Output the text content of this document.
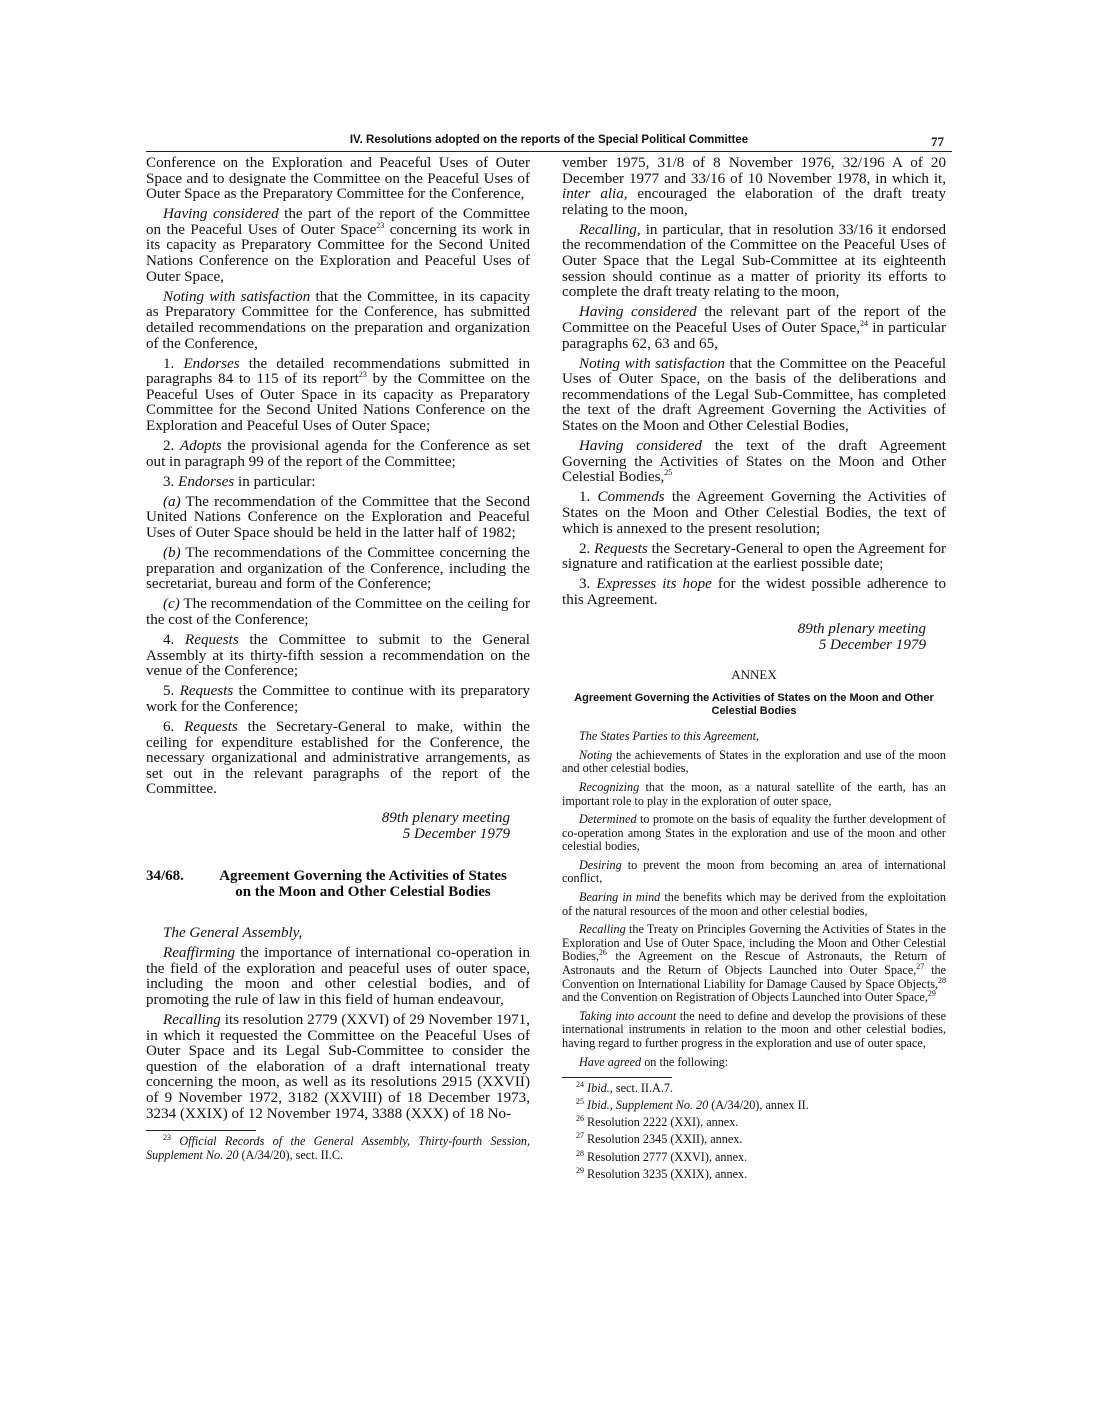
IV. Resolutions adopted on the reports of the Special Political Committee	77

Conference on the Exploration and Peaceful Uses of Outer Space and to designate the Committee on the Peaceful Uses of Outer Space as the Preparatory Committee for the Conference,

Having considered the part of the report of the Committee on the Peaceful Uses of Outer Space$^{23}$ concerning its work in its capacity as Preparatory Committee for the Second United Nations Conference on the Exploration and Peaceful Uses of Outer Space,

Noting with satisfaction that the Committee, in its capacity as Preparatory Committee for the Conference, has submitted detailed recommendations on the preparation and organization of the Conference,

1. Endorses the detailed recommendations submitted in paragraphs 84 to 115 of its report$^{23}$ by the Committee on the Peaceful Uses of Outer Space in its capacity as Preparatory Committee for the Second United Nations Conference on the Exploration and Peaceful Uses of Outer Space;

2. Adopts the provisional agenda for the Conference as set out in paragraph 99 of the report of the Committee;

3. Endorses in particular:

(a) The recommendation of the Committee that the Second United Nations Conference on the Exploration and Peaceful Uses of Outer Space should be held in the latter half of 1982;

(b) The recommendations of the Committee concerning the preparation and organization of the Conference, including the secretariat, bureau and form of the Conference;

(c) The recommendation of the Committee on the ceiling for the cost of the Conference;

4. Requests the Committee to submit to the General Assembly at its thirty-fifth session a recommendation on the venue of the Conference;

5. Requests the Committee to continue with its preparatory work for the Conference;

6. Requests the Secretary-General to make, within the ceiling for expenditure established for the Conference, the necessary organizational and administrative arrangements, as set out in the relevant paragraphs of the report of the Committee.

89th plenary meeting
5 December 1979
34/68.	Agreement Governing the Activities of States on the Moon and Other Celestial Bodies

The General Assembly,

Reaffirming the importance of international co-operation in the field of the exploration and peaceful uses of outer space, including the moon and other celestial bodies, and of promoting the rule of law in this field of human endeavour,

Recalling its resolution 2779 (XXVI) of 29 November 1971, in which it requested the Committee on the Peaceful Uses of Outer Space and its Legal Sub-Committee to consider the question of the elaboration of a draft international treaty concerning the moon, as well as its resolutions 2915 (XXVII) of 9 November 1972, 3182 (XXVIII) of 18 December 1973, 3234 (XXIX) of 12 November 1974, 3388 (XXX) of 18 No-

$^{23}$ Official Records of the General Assembly, Thirty-fourth Session, Supplement No. 20 (A/34/20), sect. II.C.

vember 1975, 31/8 of 8 November 1976, 32/196 A of 20 December 1977 and 33/16 of 10 November 1978, in which it, inter alia, encouraged the elaboration of the draft treaty relating to the moon,

Recalling, in particular, that in resolution 33/16 it endorsed the recommendation of the Committee on the Peaceful Uses of Outer Space that the Legal Sub-Committee at its eighteenth session should continue as a matter of priority its efforts to complete the draft treaty relating to the moon,

Having considered the relevant part of the report of the Committee on the Peaceful Uses of Outer Space,$^{24}$ in particular paragraphs 62, 63 and 65,

Noting with satisfaction that the Committee on the Peaceful Uses of Outer Space, on the basis of the deliberations and recommendations of the Legal Sub-Committee, has completed the text of the draft Agreement Governing the Activities of States on the Moon and Other Celestial Bodies,

Having considered the text of the draft Agreement Governing the Activities of States on the Moon and Other Celestial Bodies,$^{25}$

1. Commends the Agreement Governing the Activities of States on the Moon and Other Celestial Bodies, the text of which is annexed to the present resolution;

2. Requests the Secretary-General to open the Agreement for signature and ratification at the earliest possible date;

3. Expresses its hope for the widest possible adherence to this Agreement.

89th plenary meeting
5 December 1979
ANNEX
Agreement Governing the Activities of States on the Moon and Other Celestial Bodies

The States Parties to this Agreement,

Noting the achievements of States in the exploration and use of the moon and other celestial bodies,

Recognizing that the moon, as a natural satellite of the earth, has an important role to play in the exploration of outer space,

Determined to promote on the basis of equality the further development of co-operation among States in the exploration and use of the moon and other celestial bodies,

Desiring to prevent the moon from becoming an area of international conflict,

Bearing in mind the benefits which may be derived from the exploitation of the natural resources of the moon and other celestial bodies,

Recalling the Treaty on Principles Governing the Activities of States in the Exploration and Use of Outer Space, including the Moon and Other Celestial Bodies,$^{26}$ the Agreement on the Rescue of Astronauts, the Return of Astronauts and the Return of Objects Launched into Outer Space,$^{27}$ the Convention on International Liability for Damage Caused by Space Objects,$^{28}$ and the Convention on Registration of Objects Launched into Outer Space,$^{29}$

Taking into account the need to define and develop the provisions of these international instruments in relation to the moon and other celestial bodies, having regard to further progress in the exploration and use of outer space,

Have agreed on the following:

$^{24}$ Ibid., sect. II.A.7.

$^{25}$ Ibid., Supplement No. 20 (A/34/20), annex II.

$^{26}$ Resolution 2222 (XXI), annex.

$^{27}$ Resolution 2345 (XXII), annex.

$^{28}$ Resolution 2777 (XXVI), annex.

$^{29}$ Resolution 3235 (XXIX), annex.
